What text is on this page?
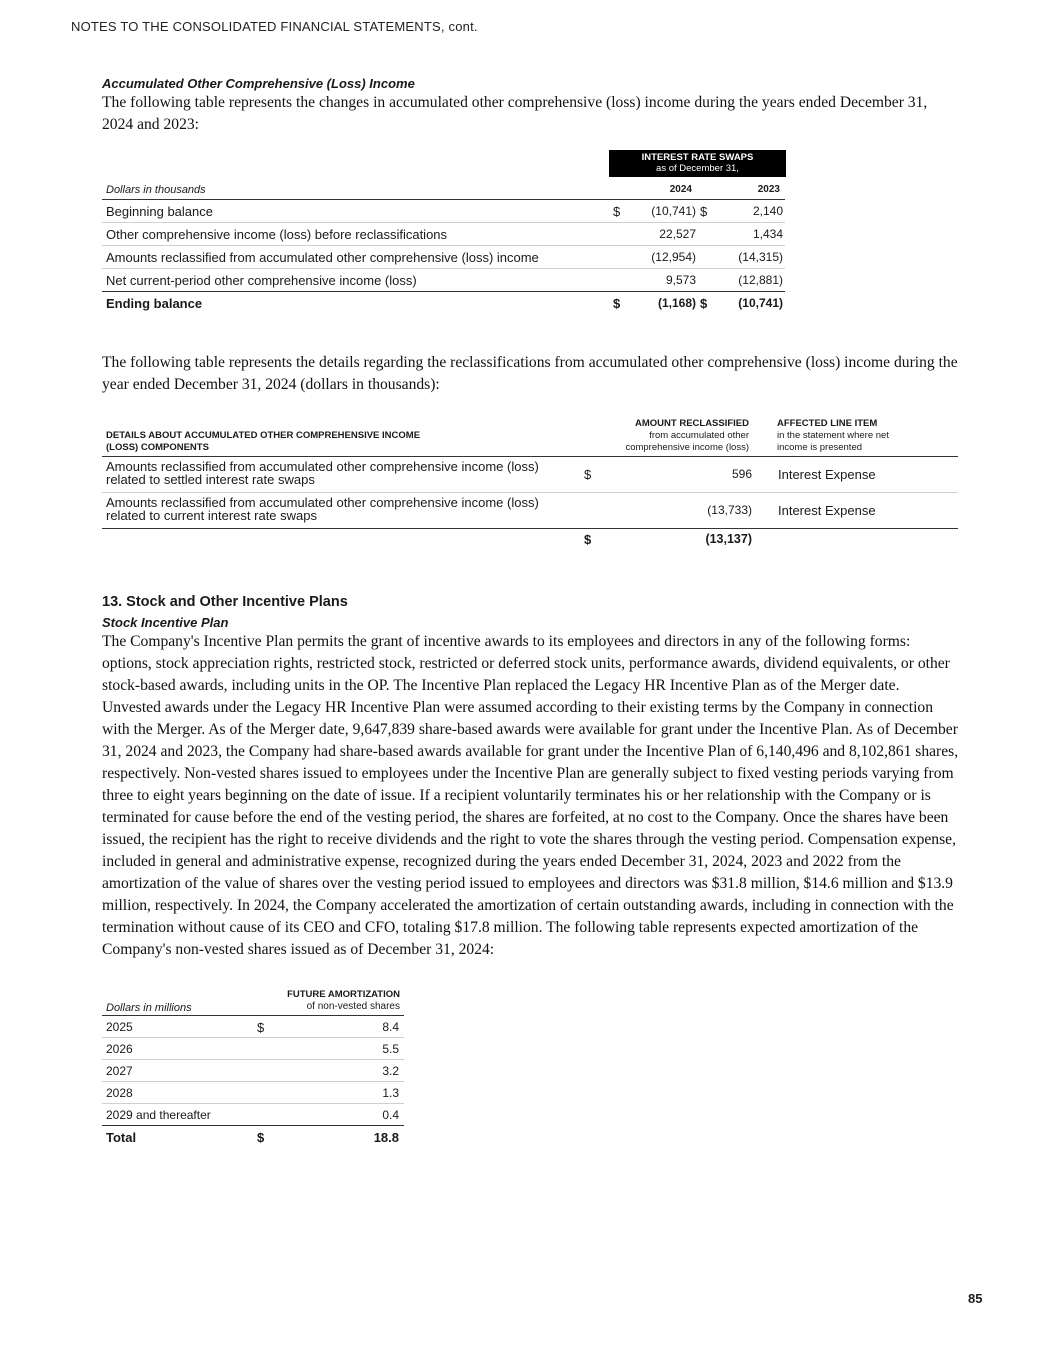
NOTES TO THE CONSOLIDATED FINANCIAL STATEMENTS, cont.

Accumulated Other Comprehensive (Loss) Income

The following table represents the changes in accumulated other comprehensive (loss) income during the years ended December 31, 2024 and 2023:

INTEREST RATE SWAPS
as of December 31,
Dollars in thousands	2024	2023
Beginning balance	$	(10,741) $	2,140
Other comprehensive income (loss) before reclassifications	22,527	1,434
Amounts reclassified from accumulated other comprehensive (loss) income	(12,954)	(14,315)
Net current-period other comprehensive income (loss)	9,573	(12,881)
Ending balance	$	(1,168) $	(10,741)

The following table represents the details regarding the reclassifications from accumulated other comprehensive (loss) income during the year ended December 31, 2024 (dollars in thousands):

DETAILS ABOUT ACCUMULATED OTHER COMPREHENSIVE INCOME (LOSS) COMPONENTS
AMOUNT RECLASSIFIED
from accumulated other
comprehensive income (loss)
AFFECTED LINE ITEM
in the statement where net
income is presented
Amounts reclassified from accumulated other comprehensive income (loss) related to settled interest rate swaps	$	596 Interest Expense
Amounts reclassified from accumulated other comprehensive income (loss) related to current interest rate swaps	(13,733) Interest Expense
$	(13,137)

13. Stock and Other Incentive Plans

Stock Incentive Plan

The Company's Incentive Plan permits the grant of incentive awards to its employees and directors in any of the following forms: options, stock appreciation rights, restricted stock, restricted or deferred stock units, performance awards, dividend equivalents, or other stock-based awards, including units in the OP. The Incentive Plan replaced the Legacy HR Incentive Plan as of the Merger date. Unvested awards under the Legacy HR Incentive Plan were assumed according to their existing terms by the Company in connection with the Merger. As of the Merger date, 9,647,839 share-based awards were available for grant under the Incentive Plan. As of December 31, 2024 and 2023, the Company had share-based awards available for grant under the Incentive Plan of 6,140,496 and 8,102,861 shares, respectively. Non-vested shares issued to employees under the Incentive Plan are generally subject to fixed vesting periods varying from three to eight years beginning on the date of issue. If a recipient voluntarily terminates his or her relationship with the Company or is terminated for cause before the end of the vesting period, the shares are forfeited, at no cost to the Company. Once the shares have been issued, the recipient has the right to receive dividends and the right to vote the shares through the vesting period. Compensation expense, included in general and administrative expense, recognized during the years ended December 31, 2024, 2023 and 2022 from the amortization of the value of shares over the vesting period issued to employees and directors was $31.8 million, $14.6 million and $13.9 million, respectively. In 2024, the Company accelerated the amortization of certain outstanding awards, including in connection with the termination without cause of its CEO and CFO, totaling $17.8 million. The following table represents expected amortization of the Company's non-vested shares issued as of December 31, 2024:

Dollars in millions
FUTURE AMORTIZATION
of non-vested shares
2025	$	8.4
2026	5.5
2027	3.2
2028	1.3
2029 and thereafter	0.4
Total	$	18.8
85
